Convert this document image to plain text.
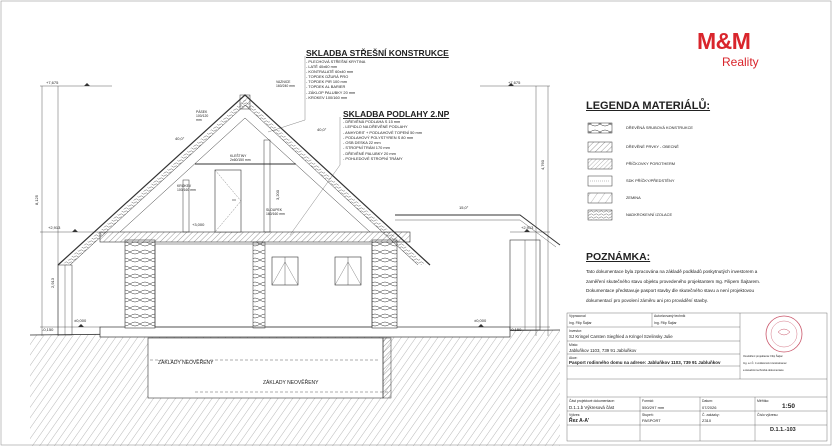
M&M
Reality
SKLADBA STŘEŠNÍ KONSTRUKCE
- PLECHOVÁ STŘEŠNÍ KRYTINA
- LATĚ 40x60 mm
- KONTRALATĚ 60x40 mm
- TOPDEK DŽURÁ PRO
- TOPDEK PIR 100 mm
- TOPDEK AL BARIER
- ZÁKLOP PALUBKY 20 mm
- KROKEV 100/160 mm
SKLADBA PODLAHY 2.NP
- DŘEVĚNÁ PODLAHA S 15 mm
- LEPIDLO NA DŘEVĚNÉ PODLAHY
- ANHYDRIT + PODLAHOVÉ TOPENÍ 50 mm
- PODLAHOVÝ POLYSTYREN S 80 mm
- OSB DESKA 22 mm
- STROPNÍ TRÁM 170 mm
- DŘEVĚNÉ PALUBKY 20 mm
- POHLEDOVÉ STROPNÍ TRÁMY
+7,675	+7,675
+2,913	+2,913
±0,000	±0,000
+3,000
-0,150	-0,150
40,0°
40,0°
15,0°
8,125
2,913
4,760
3,200
VAZNICE 160/240 mm
PÁSEK 100/120 mm
KLEŠTINY 2x60/150 mm
SLOUPEK 160/160 mm
KROKEV 100/160 mm
ZÁKLADY NEOVĚŘENY
ZÁKLADY NEOVĚŘENY
LEGENDA MATERIÁLŮ:
DŘEVĚNÁ SRUBOVÁ KONSTRUKCE
DŘEVĚNÉ PRVKY - OBECNĚ
PŘÍČKOVKY POROTHERM
SDK PŘÍČKY/PŘEDSTĚNY
ZEMINA
NADKROKEVNÍ IZOLACE
POZNÁMKA:
Tato dokumentace byla zpracována na základě podkladů poskytnutých investorem a
zaměření skutečného stavu objektu provedeného projektantem Ing. Filipem Šajtarem.
Dokumentace představuje pasport stavby dle skutečného stavu a není projektovou
dokumentací pro povolení záměru ani pro provádění stavby.
Vypracoval
Ing. Filip Šajtar
Autorizovaný technik
Ing. Filip Šajtar
Investor:
SJ Kringel Carsten Siegfried a Kringel Szelinsky Julie
Místo:
Jabluňkov 1103, 739 91 Jabluňkov
Akce:
Pasport rodinného domu na adrese: Jabluňkov 1103, 739 91 Jabluňkov
Osvědčení projektanta: Filip Šajtar
Ing. a.r.Č. 4 vodárenství zaměstnanec
a stavebně technická dokumentace
Část projektové dokumentace:
D.1.1.b Výkresová část
Formát:
550/297 mm
Datum:
07/2026
Měřítko:
1:50
Výkres:
Řez A-A'
Stupeň:
PASPORT
Č. zakázky:
Z310
Číslo výkresu:
D.1.1.-103
